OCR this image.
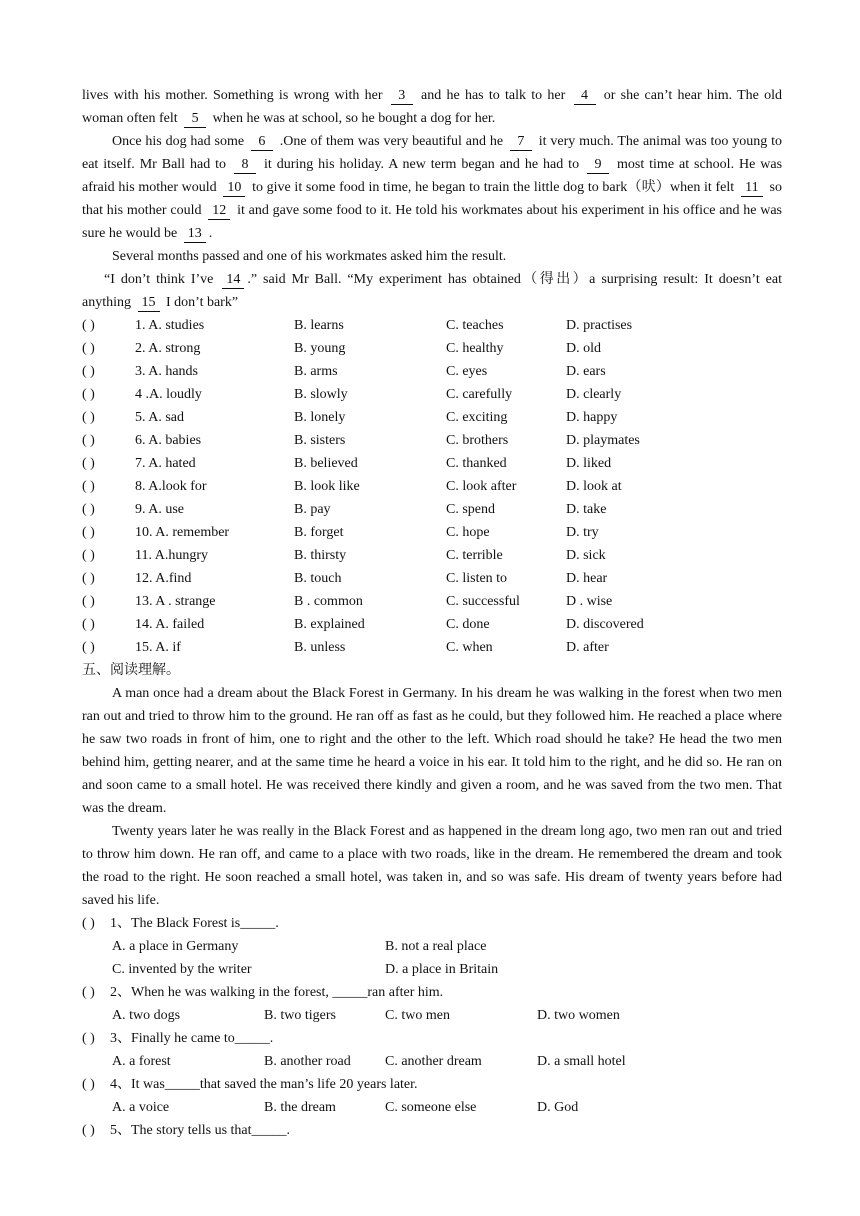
lives with his mother. Something is wrong with her 3 and he has to talk to her 4 or she can’t hear him. The old woman often felt 5 when he was at school, so he bought a dog for her.

Once his dog had some 6 .One of them was very beautiful and he 7 it very much. The animal was too young to eat itself. Mr Ball had to 8 it during his holiday. A new term began and he had to 9 most time at school. He was afraid his mother would 10 to give it some food in time, he began to train the little dog to bark（吠）when it felt 11 so that his mother could 12 it and gave some food to it. He told his workmates about his experiment in his office and he was sure he would be 13 .

Several months passed and one of his workmates asked him the result.

“I don’t think I’ve 14 .” said Mr Ball. “My experiment has obtained（得出）a surprising result: It doesn’t eat anything 15 I don’t bark”

( )	1. A. studies	B. learns	C. teaches	D. practises
( )	2. A. strong	B. young	C. healthy	D. old
( )	3. A. hands	B. arms	C. eyes	D. ears
( )	4 .A. loudly	B. slowly	C. carefully	D. clearly
( )	5. A. sad	B. lonely	C. exciting	D. happy
( )	6. A. babies	B. sisters	C. brothers	D. playmates
( )	7. A. hated	B. believed	C. thanked	D. liked
( )	8. A.look for	B. look like	C. look after	D. look at
( )	9. A. use	B. pay	C. spend	D. take
( )	10. A. remember	B. forget	C. hope	D. try
( )	11. A.hungry	B. thirsty	C. terrible	D. sick
( )	12. A.find	B. touch	C. listen to	D. hear
( )	13. A . strange	B . common	C. successful	D . wise
( )	14. A. failed	B. explained	C. done	D. discovered
( )	15. A. if	B. unless	C. when	D. after

五、阅读理解。

A man once had a dream about the Black Forest in Germany. In his dream he was walking in the forest when two men ran out and tried to throw him to the ground. He ran off as fast as he could, but they followed him. He reached a place where he saw two roads in front of him, one to right and the other to the left. Which road should he take? He head the two men behind him, getting nearer, and at the same time he heard a voice in his ear. It told him to the right, and he did so. He ran on and soon came to a small hotel. He was received there kindly and given a room, and he was saved from the two men. That was the dream.

Twenty years later he was really in the Black Forest and as happened in the dream long ago, two men ran out and tried to throw him down. He ran off, and came to a place with two roads, like in the dream. He remembered the dream and took the road to the right. He soon reached a small hotel, was taken in, and so was safe. His dream of twenty years before had saved his life.

( ) 1、The Black Forest is_____.
A. a place in Germany	B. not a real place
C. invented by the writer	D. a place in Britain
( ) 2、When he was walking in the forest, _____ran after him.
A. two dogs	B. two tigers	C. two men	D. two women
( ) 3、Finally he came to_____.
A. a forest	B. another road C. another dream	D. a small hotel
( ) 4、It was_____that saved the man’s life 20 years later.
A. a voice	B. the dream	C. someone else	D. God
( ) 5、The story tells us that_____.
